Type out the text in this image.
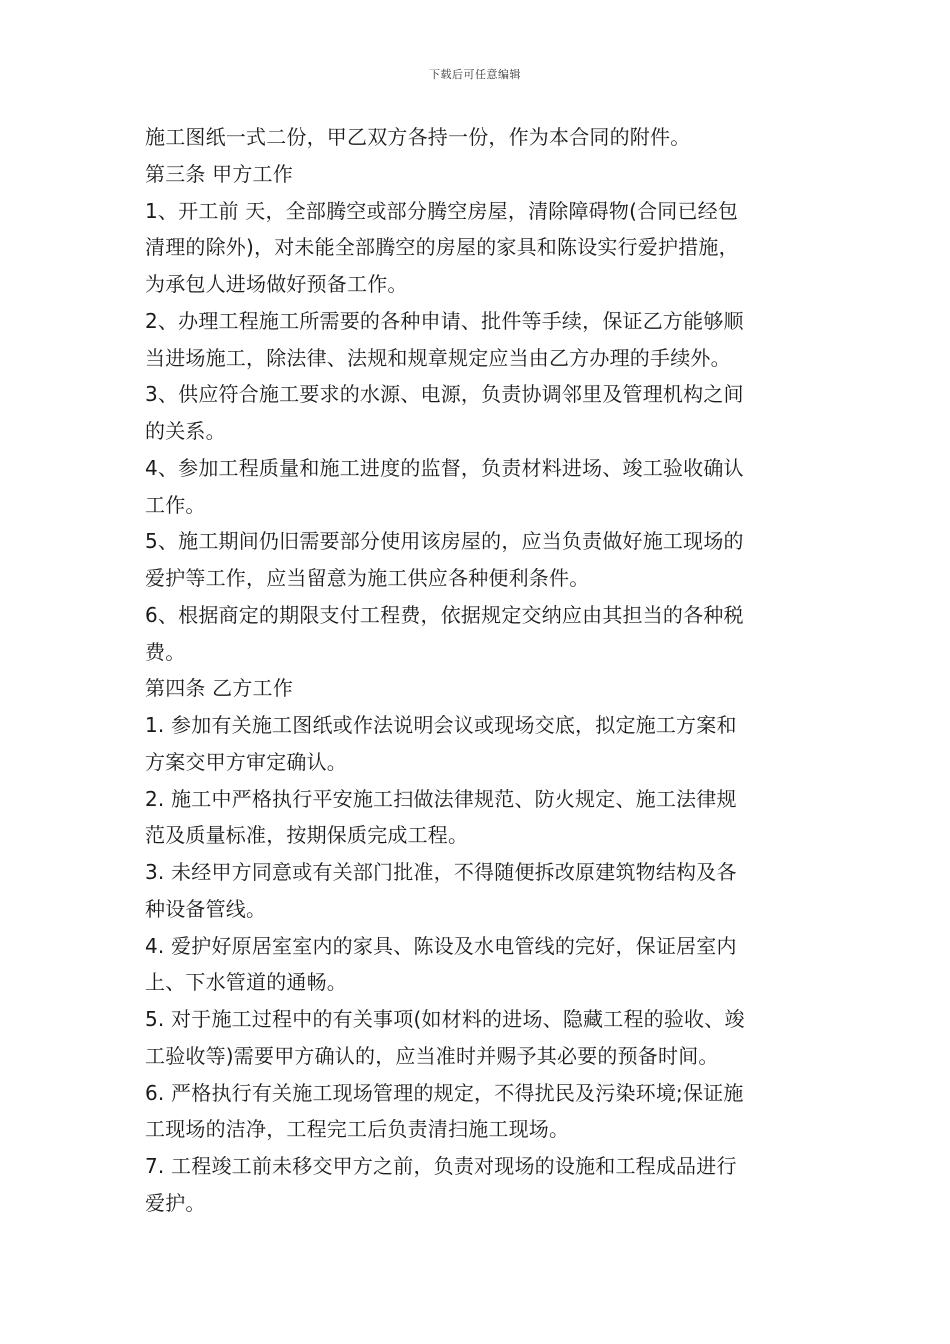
下载后可任意编辑
施工图纸一式二份，甲乙双方各持一份，作为本合同的附件。
第三条 甲方工作
1、开工前 天，全部腾空或部分腾空房屋，清除障碍物(合同已经包
清理的除外)，对未能全部腾空的房屋的家具和陈设实行爱护措施，
为承包人进场做好预备工作。
2、办理工程施工所需要的各种申请、批件等手续，保证乙方能够顺
当进场施工，除法律、法规和规章规定应当由乙方办理的手续外。
3、供应符合施工要求的水源、电源，负责协调邻里及管理机构之间
的关系。
4、参加工程质量和施工进度的监督，负责材料进场、竣工验收确认
工作。
5、施工期间仍旧需要部分使用该房屋的，应当负责做好施工现场的
爱护等工作，应当留意为施工供应各种便利条件。
6、根据商定的期限支付工程费，依据规定交纳应由其担当的各种税
费。
第四条 乙方工作
1. 参加有关施工图纸或作法说明会议或现场交底，拟定施工方案和
方案交甲方审定确认。
2. 施工中严格执行平安施工扫做法律规范、防火规定、施工法律规
范及质量标准，按期保质完成工程。
3. 未经甲方同意或有关部门批准，不得随便拆改原建筑物结构及各
种设备管线。
4. 爱护好原居室室内的家具、陈设及水电管线的完好，保证居室内
上、下水管道的通畅。
5. 对于施工过程中的有关事项(如材料的进场、隐藏工程的验收、竣
工验收等)需要甲方确认的，应当准时并赐予其必要的预备时间。
6. 严格执行有关施工现场管理的规定，不得扰民及污染环境;保证施
工现场的洁净，工程完工后负责清扫施工现场。
7. 工程竣工前未移交甲方之前，负责对现场的设施和工程成品进行
爱护。
